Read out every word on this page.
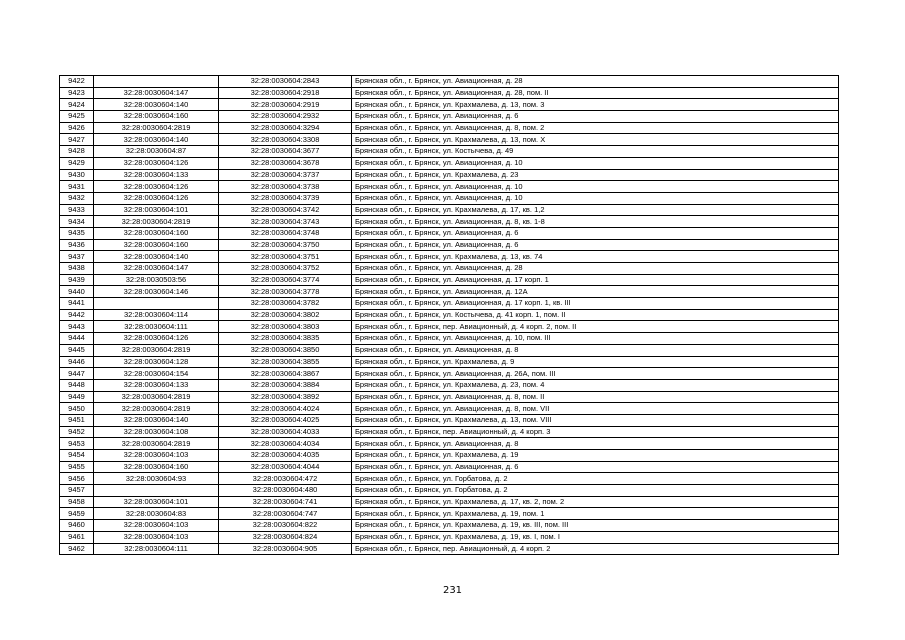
9422		32:28:0030604:2843	Брянская обл., г. Брянск, ул. Авиационная, д. 28
9423	32:28:0030604:147	32:28:0030604:2918	Брянская обл., г. Брянск, ул. Авиационная, д. 28, пом. II
9424	32:28:0030604:140	32:28:0030604:2919	Брянская обл., г. Брянск, ул. Крахмалева, д. 13, пом. 3
9425	32:28:0030604:160	32:28:0030604:2932	Брянская обл., г. Брянск, ул. Авиационная, д. 6
9426	32:28:0030604:2819	32:28:0030604:3294	Брянская обл., г. Брянск, ул. Авиационная, д. 8, пом. 2
9427	32:28:0030604:140	32:28:0030604:3308	Брянская обл., г. Брянск, ул. Крахмалева, д. 13, пом. X
9428	32:28:0030604:87	32:28:0030604:3677	Брянская обл., г. Брянск, ул. Костычева, д. 49
9429	32:28:0030604:126	32:28:0030604:3678	Брянская обл., г. Брянск, ул. Авиационная, д. 10
9430	32:28:0030604:133	32:28:0030604:3737	Брянская обл., г. Брянск, ул. Крахмалева, д. 23
9431	32:28:0030604:126	32:28:0030604:3738	Брянская обл., г. Брянск, ул. Авиационная, д. 10
9432	32:28:0030604:126	32:28:0030604:3739	Брянская обл., г. Брянск, ул. Авиационная, д. 10
9433	32:28:0030604:101	32:28:0030604:3742	Брянская обл., г. Брянск, ул. Крахмалева, д. 17, кв. 1,2
9434	32:28:0030604:2819	32:28:0030604:3743	Брянская обл., г. Брянск, ул. Авиационная, д. 8, кв. 1-8
9435	32:28:0030604:160	32:28:0030604:3748	Брянская обл., г. Брянск, ул. Авиационная, д. 6
9436	32:28:0030604:160	32:28:0030604:3750	Брянская обл., г. Брянск, ул. Авиационная, д. 6
9437	32:28:0030604:140	32:28:0030604:3751	Брянская обл., г. Брянск, ул. Крахмалева, д. 13, кв. 74
9438	32:28:0030604:147	32:28:0030604:3752	Брянская обл., г. Брянск, ул. Авиационная, д. 28
9439	32:28:0030503:56	32:28:0030604:3774	Брянская обл., г. Брянск, ул. Авиационная, д. 17 корп. 1
9440	32:28:0030604:146	32:28:0030604:3778	Брянская обл., г. Брянск, ул. Авиационная, д. 12А
9441		32:28:0030604:3782	Брянская обл., г. Брянск, ул. Авиационная, д. 17 корп. 1, кв. III
9442	32:28:0030604:114	32:28:0030604:3802	Брянская обл., г. Брянск, ул. Костычева, д. 41 корп. 1, пом. II
9443	32:28:0030604:111	32:28:0030604:3803	Брянская обл., г. Брянск, пер. Авиационный, д. 4 корп. 2, пом. II
9444	32:28:0030604:126	32:28:0030604:3835	Брянская обл., г. Брянск, ул. Авиационная, д. 10, пом. III
9445	32:28:0030604:2819	32:28:0030604:3850	Брянская обл., г. Брянск, ул. Авиационная, д. 8
9446	32:28:0030604:128	32:28:0030604:3855	Брянская обл., г. Брянск, ул. Крахмалева, д. 9
9447	32:28:0030604:154	32:28:0030604:3867	Брянская обл., г. Брянск, ул. Авиационная, д. 26А, пом. III
9448	32:28:0030604:133	32:28:0030604:3884	Брянская обл., г. Брянск, ул. Крахмалева, д. 23, пом. 4
9449	32:28:0030604:2819	32:28:0030604:3892	Брянская обл., г. Брянск, ул. Авиационная, д. 8, пом. II
9450	32:28:0030604:2819	32:28:0030604:4024	Брянская обл., г. Брянск, ул. Авиационная, д. 8, пом. VII
9451	32:28:0030604:140	32:28:0030604:4025	Брянская обл., г. Брянск, ул. Крахмалева, д. 13, пом. VIII
9452	32:28:0030604:108	32:28:0030604:4033	Брянская обл., г. Брянск, пер. Авиационный, д. 4 корп. 3
9453	32:28:0030604:2819	32:28:0030604:4034	Брянская обл., г. Брянск, ул. Авиационная, д. 8
9454	32:28:0030604:103	32:28:0030604:4035	Брянская обл., г. Брянск, ул. Крахмалева, д. 19
9455	32:28:0030604:160	32:28:0030604:4044	Брянская обл., г. Брянск, ул. Авиационная, д. 6
9456	32:28:0030604:93	32:28:0030604:472	Брянская обл., г. Брянск, ул. Горбатова, д. 2
9457		32:28:0030604:480	Брянская обл., г. Брянск, ул. Горбатова, д. 2
9458	32:28:0030604:101	32:28:0030604:741	Брянская обл., г. Брянск, ул. Крахмалева, д. 17, кв. 2, пом. 2
9459	32:28:0030604:83	32:28:0030604:747	Брянская обл., г. Брянск, ул. Крахмалева, д. 19, пом. 1
9460	32:28:0030604:103	32:28:0030604:822	Брянская обл., г. Брянск, ул. Крахмалева, д. 19, кв. III, пом. III
9461	32:28:0030604:103	32:28:0030604:824	Брянская обл., г. Брянск, ул. Крахмалева, д. 19, кв. I, пом. I
9462	32:28:0030604:111	32:28:0030604:905	Брянская обл., г. Брянск, пер. Авиационный, д. 4 корп. 2
231
